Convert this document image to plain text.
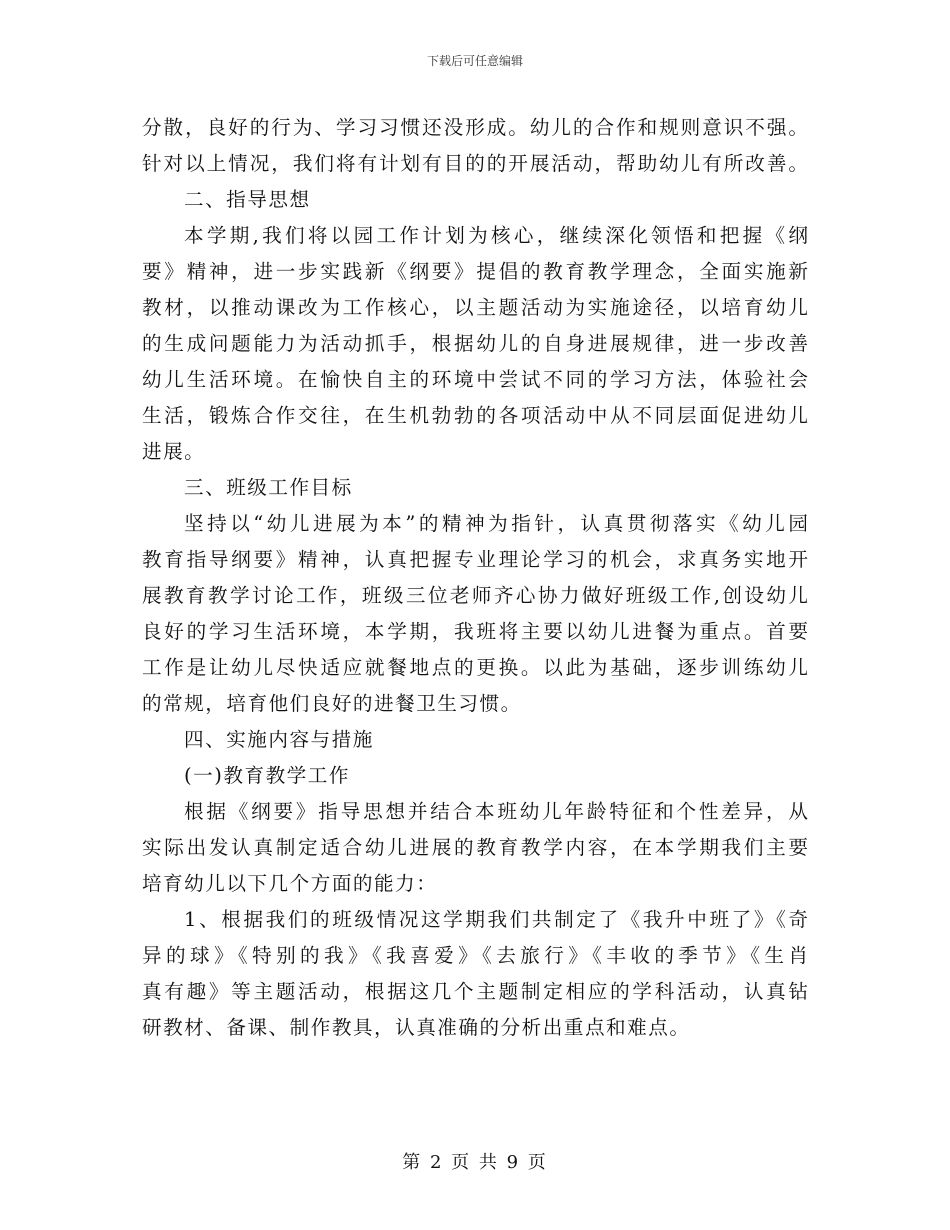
下载后可任意编辑
分散，良好的行为、学习习惯还没形成。幼儿的合作和规则意识不强。
针对以上情况，我们将有计划有目的的开展活动，帮助幼儿有所改善。
二、指导思想
本学期,我们将以园工作计划为核心，继续深化领悟和把握《纲
要》精神，进一步实践新《纲要》提倡的教育教学理念，全面实施新
教材，以推动课改为工作核心，以主题活动为实施途径，以培育幼儿
的生成问题能力为活动抓手，根据幼儿的自身进展规律，进一步改善
幼儿生活环境。在愉快自主的环境中尝试不同的学习方法，体验社会
生活，锻炼合作交往，在生机勃勃的各项活动中从不同层面促进幼儿
进展。
三、班级工作目标
坚持以“幼儿进展为本”的精神为指针，认真贯彻落实《幼儿园
教育指导纲要》精神，认真把握专业理论学习的机会，求真务实地开
展教育教学讨论工作，班级三位老师齐心协力做好班级工作,创设幼儿
良好的学习生活环境，本学期，我班将主要以幼儿进餐为重点。首要
工作是让幼儿尽快适应就餐地点的更换。以此为基础，逐步训练幼儿
的常规，培育他们良好的进餐卫生习惯。
四、实施内容与措施
(一)教育教学工作
根据《纲要》指导思想并结合本班幼儿年龄特征和个性差异，从
实际出发认真制定适合幼儿进展的教育教学内容，在本学期我们主要
培育幼儿以下几个方面的能力：
1、根据我们的班级情况这学期我们共制定了《我升中班了》《奇
异的球》《特别的我》《我喜爱》《去旅行》《丰收的季节》《生肖
真有趣》等主题活动，根据这几个主题制定相应的学科活动，认真钻
研教材、备课、制作教具，认真准确的分析出重点和难点。
第 2 页 共 9 页
